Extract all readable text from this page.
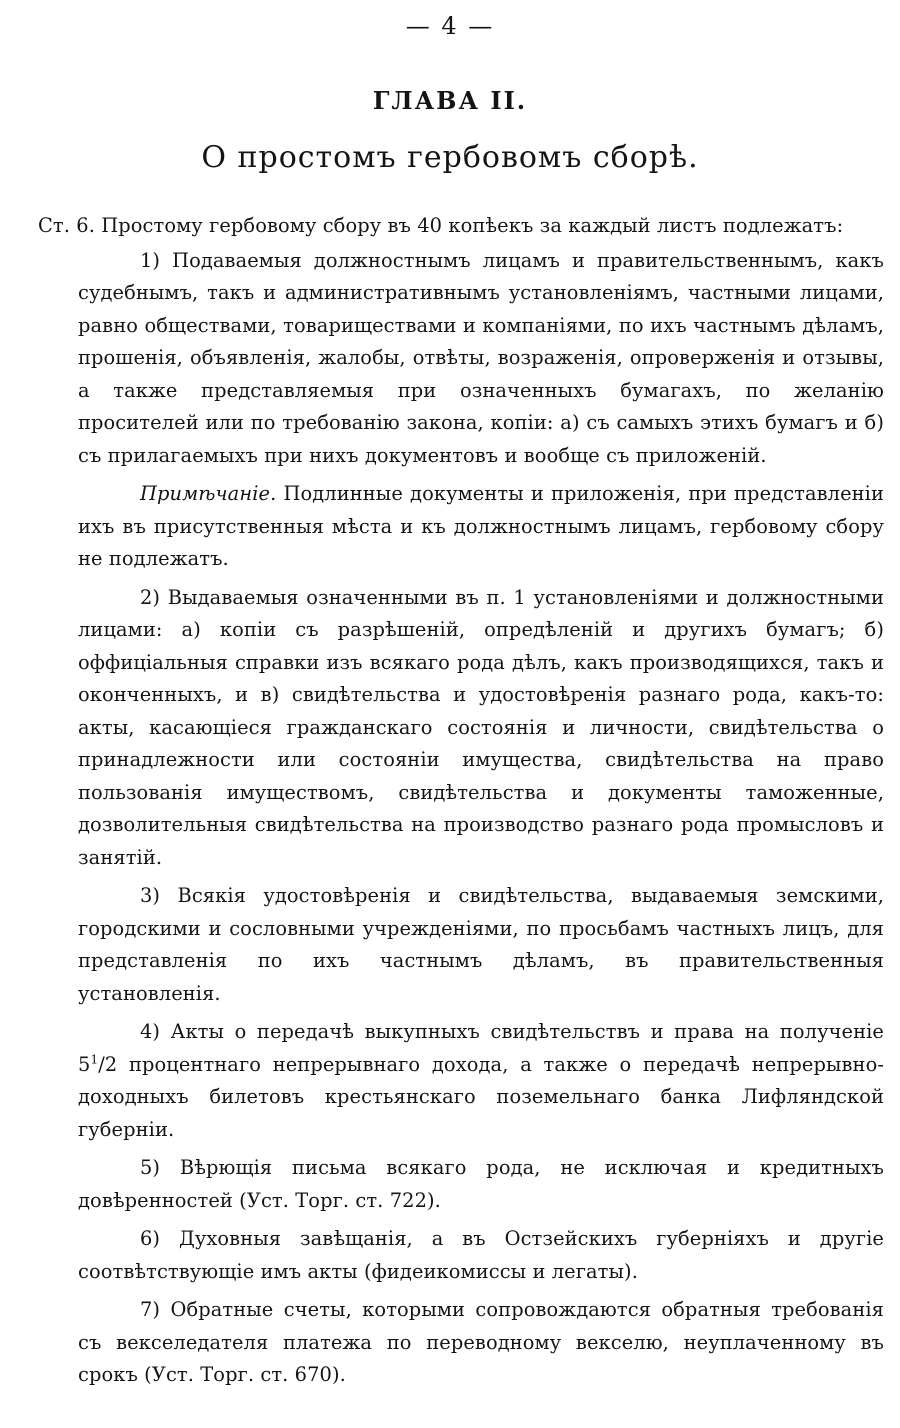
— 4 —
ГЛАВА II.
О простомъ гербовомъ сборѣ.

Ст. 6. Простому гербовому сбору въ 40 копѣекъ за каждый листъ подлежатъ:

1) Подаваемыя должностнымъ лицамъ и правительственнымъ, какъ судебнымъ, такъ и административнымъ установленіямъ, частными лицами, равно обществами, товариществами и компаніями, по ихъ частнымъ дѣламъ, прошенія, объявленія, жалобы, отвѣты, возраженія, опроверженія и отзывы, а также представляемыя при означенныхъ бумагахъ, по желанію просителей или по требованію закона, копіи: а) съ самыхъ этихъ бумагъ и б) съ прилагаемыхъ при нихъ документовъ и вообще съ приложеній.

Примѣчаніе. Подлинные документы и приложенія, при представленіи ихъ въ присутственныя мѣста и къ должностнымъ лицамъ, гербовому сбору не подлежатъ.

2) Выдаваемыя означенными въ п. 1 установленіями и должностными лицами: а) копіи съ разрѣшеній, опредѣленій и другихъ бумагъ; б) оффиціальныя справки изъ всякаго рода дѣлъ, какъ производящихся, такъ и оконченныхъ, и в) свидѣтельства и удостовѣренія разнаго рода, какъ-то: акты, касающіеся гражданскаго состоянія и личности, свидѣтельства о принадлежности или состояніи имущества, свидѣтельства на право пользованія имуществомъ, свидѣтельства и документы таможенные, дозволительныя свидѣтельства на производство разнаго рода промысловъ и занятій.

3) Всякія удостовѣренія и свидѣтельства, выдаваемыя земскими, городскими и сословными учрежденіями, по просьбамъ частныхъ лицъ, для представленія по ихъ частнымъ дѣламъ, въ правительственныя установленія.

4) Акты о передачѣ выкупныхъ свидѣтельствъ и права на полученіе $5^1/2$ процентнаго непрерывнаго дохода, а также о передачѣ непрерывно-доходныхъ билетовъ крестьянскаго поземельнаго банка Лифляндской губерніи.

5) Вѣрющія письма всякаго рода, не исключая и кредитныхъ довѣренностей (Уст. Торг. ст. 722).

6) Духовныя завѣщанія, а въ Остзейскихъ губерніяхъ и другіе соотвѣтствующіе имъ акты (фидеикомиссы и легаты).

7) Обратные счеты, которыми сопровождаются обратныя требованія съ векселедателя платежа по переводному векселю, неуплаченному въ срокъ (Уст. Торг. ст. 670).
